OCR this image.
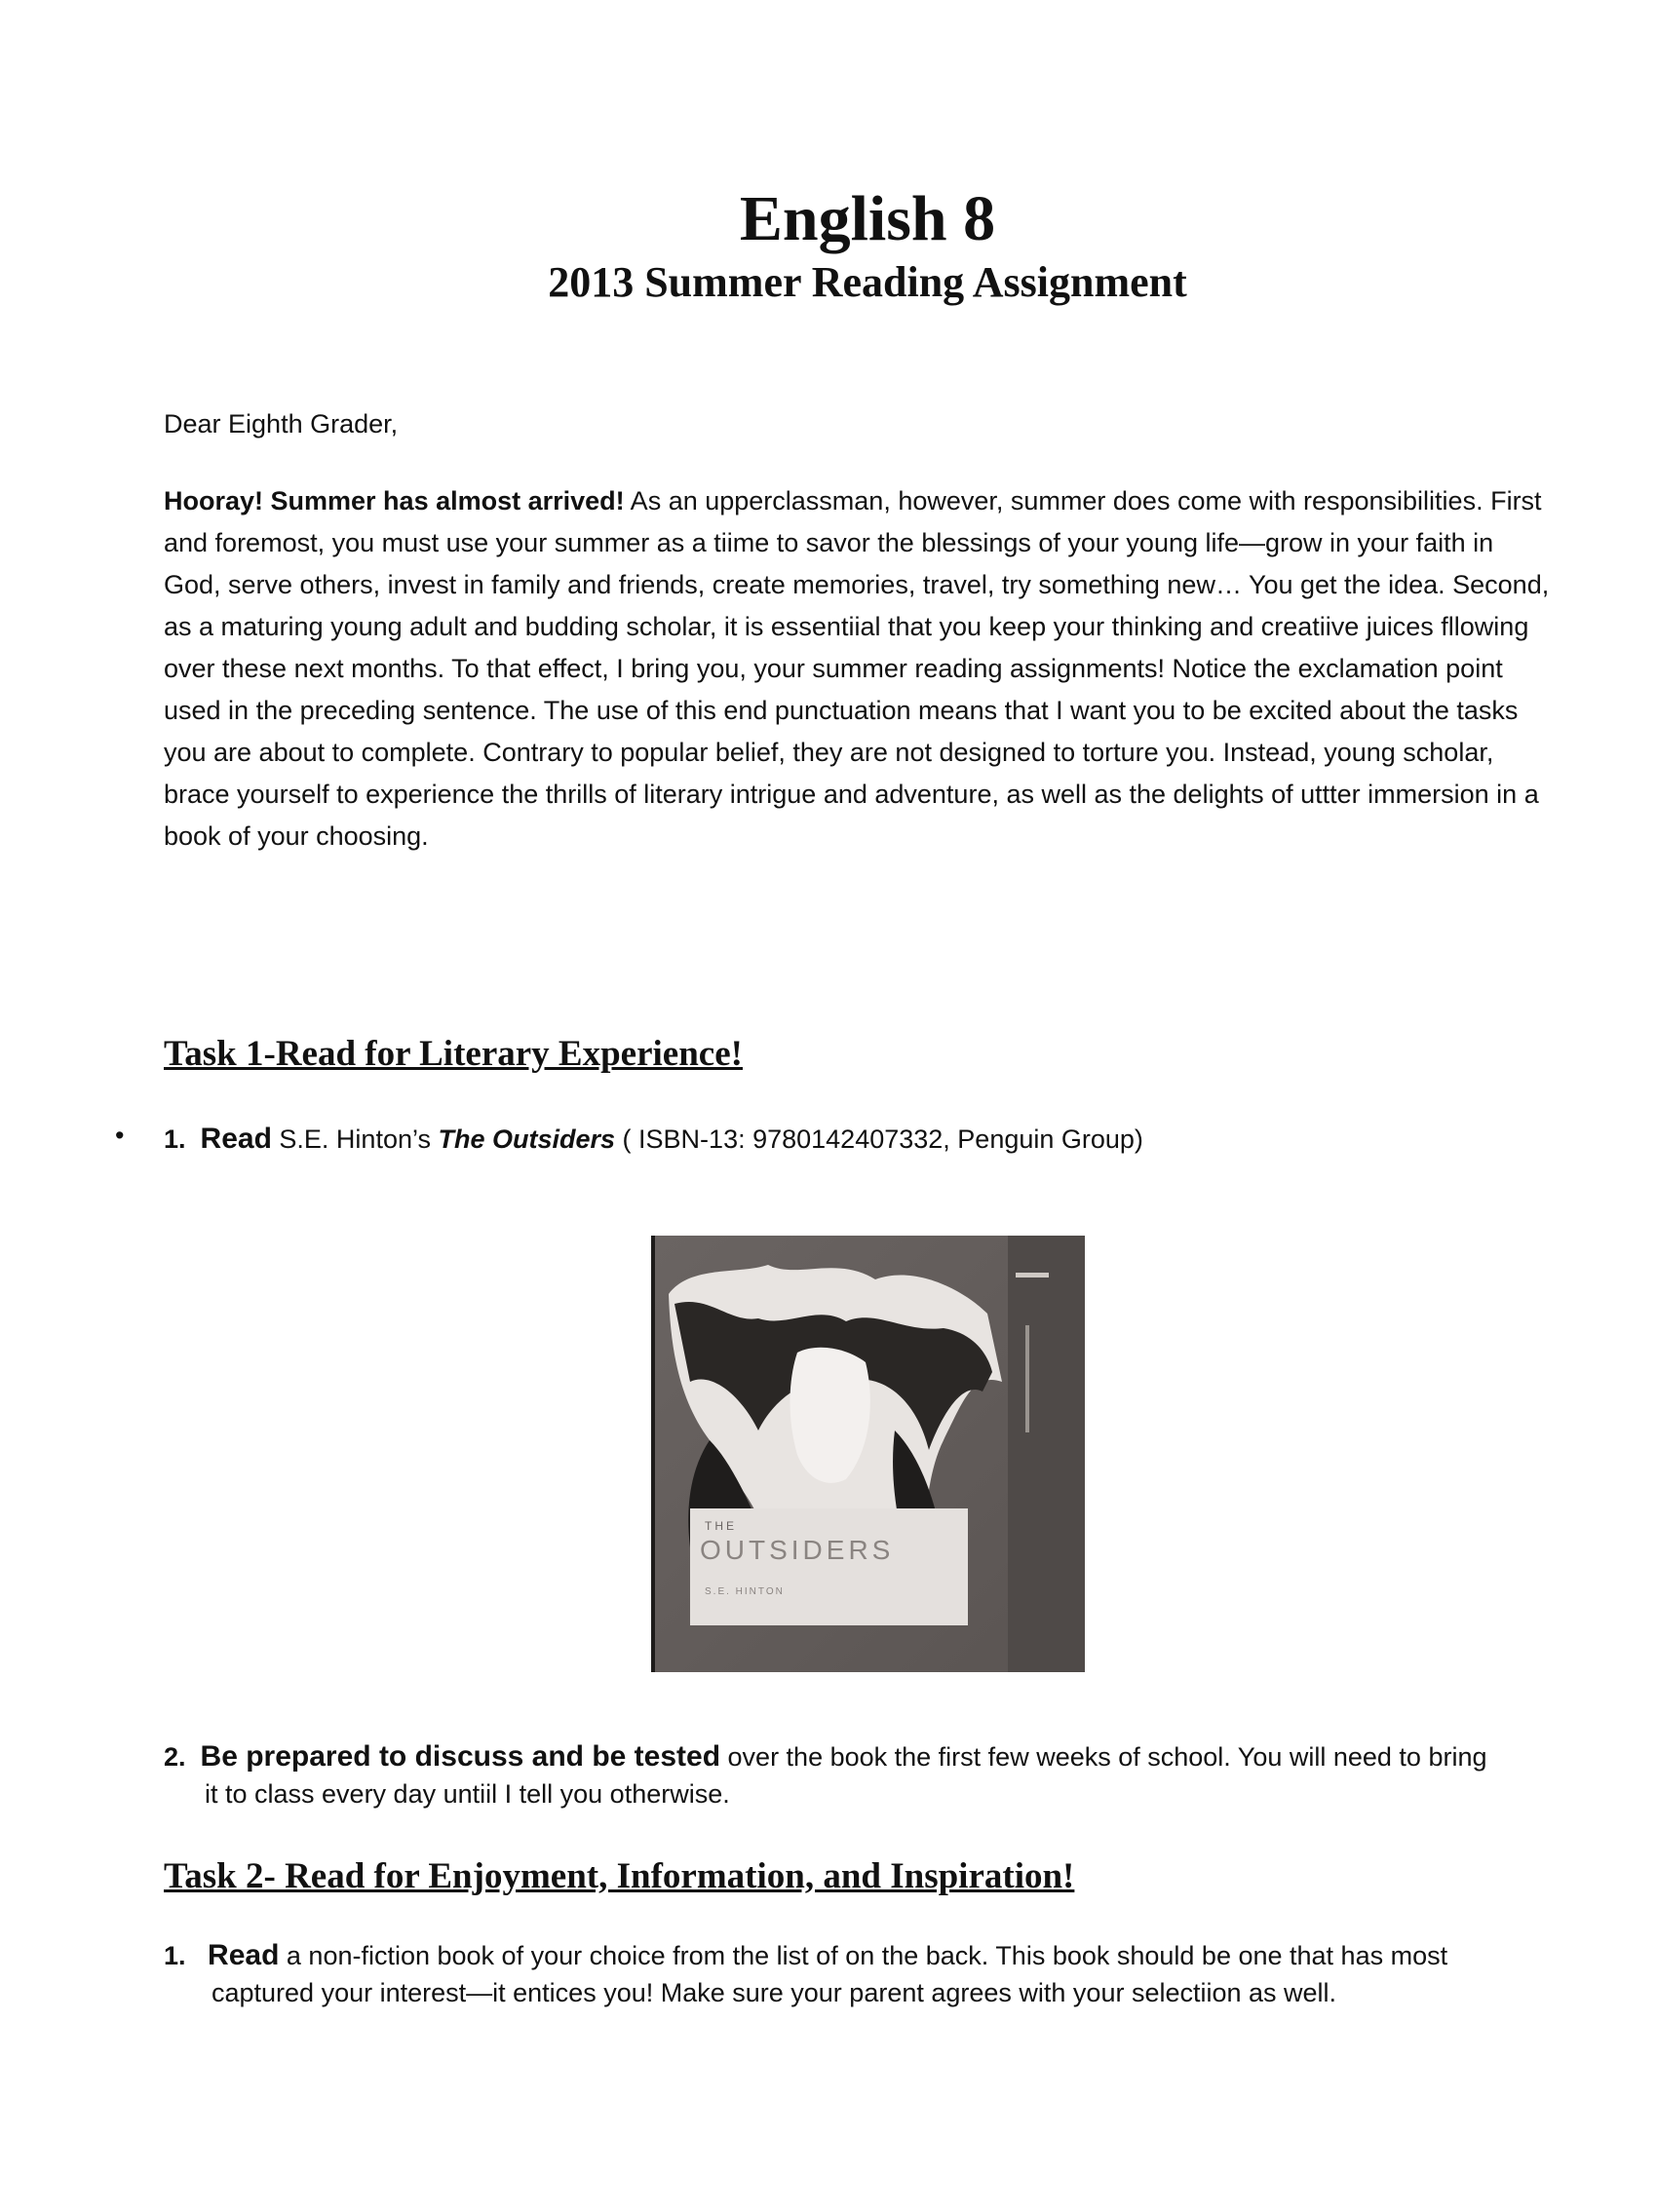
English 8
2013 Summer Reading Assignment
Dear Eighth Grader,
Hooray! Summer has almost arrived! As an upperclassman, however, summer does come with responsibilities. First and foremost, you must use your summer as a tiime to savor the blessings of your young life—grow in your faith in God, serve others, invest in family and friends, create memories, travel, try something new… You get the idea. Second, as a maturing young adult and budding scholar, it is essentiial that you keep your thinking and creatiive juices fllowing over these next months. To that effect, I bring you, your summer reading assignments! Notice the exclamation point used in the preceding sentence. The use of this end punctuation means that I want you to be excited about the tasks you are about to complete. Contrary to popular belief, they are not designed to torture you. Instead, young scholar, brace yourself to experience the thrills of literary intrigue and adventure, as well as the delights of uttter immersion in a book of your choosing.
Task 1-Read for Literary Experience!
• 1. Read S.E. Hinton’s The Outsiders ( ISBN-13: 9780142407332, Penguin Group)
THE
OUTSIDERS
S.E. HINTON
2. Be prepared to discuss and be tested over the book the first few weeks of school. You will need to bring
it to class every day untiil I tell you otherwise.
Task 2- Read for Enjoyment, Information, and Inspiration!
1. Read a non-fiction book of your choice from the list of on the back. This book should be one that has most
captured your interest—it entices you! Make sure your parent agrees with your selectiion as well.
